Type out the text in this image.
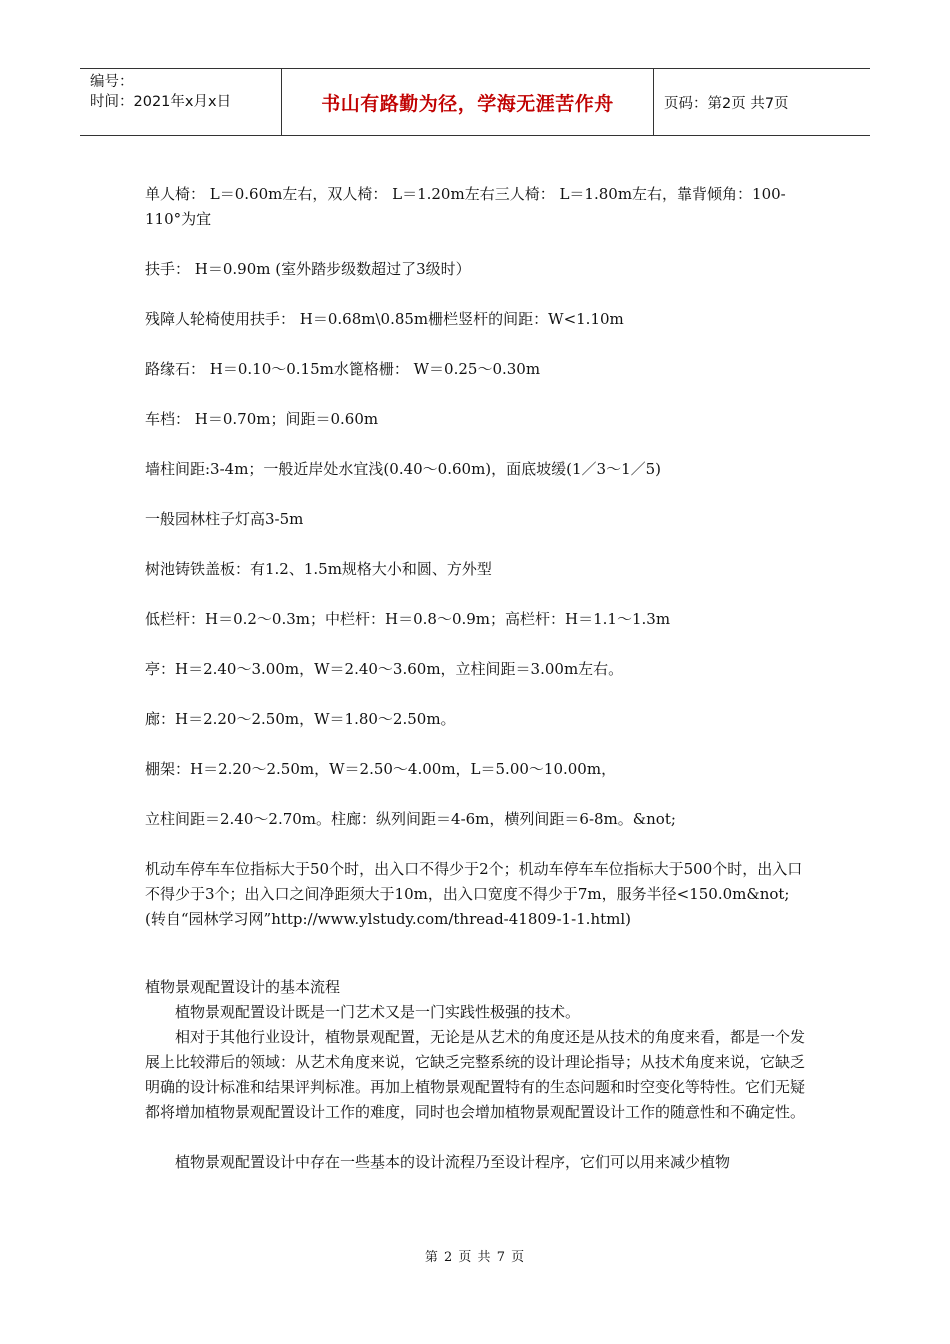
编号：
时间：2021年x月x日	书山有路勤为径，学海无涯苦作舟	页码：第2页 共7页

单人椅： L＝0.60m左右，双人椅： L＝1.20m左右三人椅： L＝1.80m左右，靠背倾角：100-110°为宜

扶手： H＝0.90m (室外踏步级数超过了3级时）

残障人轮椅使用扶手： H＝0.68m\0.85m栅栏竖杆的间距：W<1.10m

路缘石： H＝0.10～0.15m水篦格栅： W＝0.25～0.30m

车档： H＝0.70m；间距＝0.60m

墙柱间距:3-4m；一般近岸处水宜浅(0.40～0.60m)，面底坡缓(1／3～1／5)

一般园林柱子灯高3-5m

树池铸铁盖板：有1.2、1.5m规格大小和圆、方外型

低栏杆：H＝0.2～0.3m；中栏杆：H＝0.8～0.9m；高栏杆：H＝1.1～1.3m

亭：H＝2.40～3.00m，W＝2.40～3.60m，立柱间距＝3.00m左右。

廊：H＝2.20～2.50m，W＝1.80～2.50m。

棚架：H＝2.20～2.50m，W＝2.50～4.00m，L＝5.00～10.00m，

立柱间距＝2.40～2.70m。柱廊：纵列间距＝4-6m，横列间距＝6-8m。&not;

机动车停车车位指标大于50个时，出入口不得少于2个；机动车停车车位指标大于500个时，出入口不得少于3个；出入口之间净距须大于10m，出入口宽度不得少于7m，服务半径<150.0m&not;

(转自“园林学习网”http://www.ylstudy.com/thread-41809-1-1.html)

植物景观配置设计的基本流程

植物景观配置设计既是一门艺术又是一门实践性极强的技术。

相对于其他行业设计，植物景观配置，无论是从艺术的角度还是从技术的角度来看，都是一个发展上比较滞后的领域：从艺术角度来说，它缺乏完整系统的设计理论指导；从技术角度来说，它缺乏明确的设计标准和结果评判标准。再加上植物景观配置特有的生态问题和时空变化等特性。它们无疑都将增加植物景观配置设计工作的难度，同时也会增加植物景观配置设计工作的随意性和不确定性。

植物景观配置设计中存在一些基本的设计流程乃至设计程序，它们可以用来减少植物

第 2 页 共 7 页
